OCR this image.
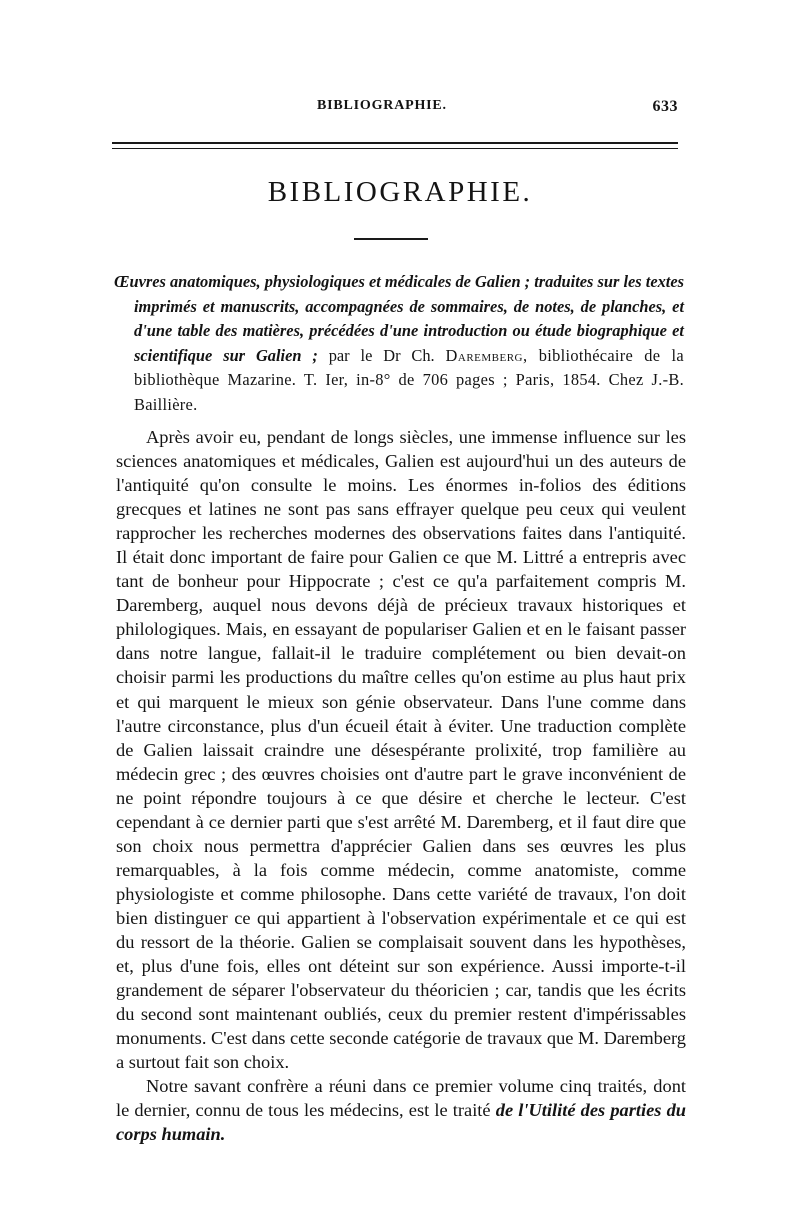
BIBLIOGRAPHIE.	633
BIBLIOGRAPHIE.
Œuvres anatomiques, physiologiques et médicales de Galien ; traduites sur les textes imprimés et manuscrits, accompagnées de sommaires, de notes, de planches, et d'une table des matières, précédées d'une introduction ou étude biographique et scientifique sur Galien ; par le Dr Ch. Daremberg, bibliothécaire de la bibliothèque Mazarine. T. Ier, in-8° de 706 pages ; Paris, 1854. Chez J.-B. Baillière.

Après avoir eu, pendant de longs siècles, une immense influence sur les sciences anatomiques et médicales, Galien est aujourd'hui un des auteurs de l'antiquité qu'on consulte le moins. Les énormes in-folios des éditions grecques et latines ne sont pas sans effrayer quelque peu ceux qui veulent rapprocher les recherches modernes des observations faites dans l'antiquité. Il était donc important de faire pour Galien ce que M. Littré a entrepris avec tant de bonheur pour Hippocrate ; c'est ce qu'a parfaitement compris M. Daremberg, auquel nous devons déjà de précieux travaux historiques et philologiques. Mais, en essayant de populariser Galien et en le faisant passer dans notre langue, fallait-il le traduire complétement ou bien devait-on choisir parmi les productions du maître celles qu'on estime au plus haut prix et qui marquent le mieux son génie observateur. Dans l'une comme dans l'autre circonstance, plus d'un écueil était à éviter. Une traduction complète de Galien laissait craindre une désespérante prolixité, trop familière au médecin grec ; des œuvres choisies ont d'autre part le grave inconvénient de ne point répondre toujours à ce que désire et cherche le lecteur. C'est cependant à ce dernier parti que s'est arrêté M. Daremberg, et il faut dire que son choix nous permettra d'apprécier Galien dans ses œuvres les plus remarquables, à la fois comme médecin, comme anatomiste, comme physiologiste et comme philosophe. Dans cette variété de travaux, l'on doit bien distinguer ce qui appartient à l'observation expérimentale et ce qui est du ressort de la théorie. Galien se complaisait souvent dans les hypothèses, et, plus d'une fois, elles ont déteint sur son expérience. Aussi importe-t-il grandement de séparer l'observateur du théoricien ; car, tandis que les écrits du second sont maintenant oubliés, ceux du premier restent d'impérissables monuments. C'est dans cette seconde catégorie de travaux que M. Daremberg a surtout fait son choix.

Notre savant confrère a réuni dans ce premier volume cinq traités, dont le dernier, connu de tous les médecins, est le traité de l'Utilité des parties du corps humain.
